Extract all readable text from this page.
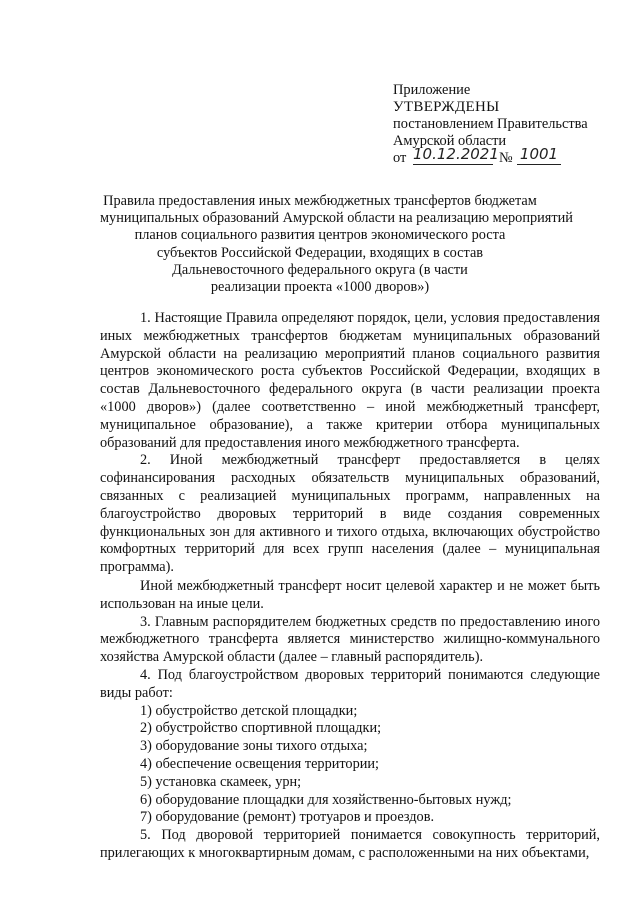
Приложение
УТВЕРЖДЕНЫ
постановлением Правительства
Амурской области
от 10.12.2021 № 1001
Правила предоставления иных межбюджетных трансфертов бюджетам
муниципальных образований Амурской области на реализацию мероприятий
планов социального развития центров экономического роста
субъектов Российской Федерации, входящих в состав
Дальневосточного федерального округа (в части
реализации проекта «1000 дворов»)

1. Настоящие Правила определяют порядок, цели, условия предоставления иных межбюджетных трансфертов бюджетам муниципальных образований Амурской области на реализацию мероприятий планов социального развития центров экономического роста субъектов Российской Федерации, входящих в состав Дальневосточного федерального округа (в части реализации проекта «1000 дворов») (далее соответственно – иной межбюджетный трансферт, муниципальное образование), а также критерии отбора муниципальных образований для предоставления иного межбюджетного трансферта.

2. Иной межбюджетный трансферт предоставляется в целях софинансирования расходных обязательств муниципальных образований, связанных с реализацией муниципальных программ, направленных на благоустройство дворовых территорий в виде создания современных функциональных зон для активного и тихого отдыха, включающих обустройство комфортных территорий для всех групп населения (далее – муниципальная программа).

Иной межбюджетный трансферт носит целевой характер и не может быть использован на иные цели.

3. Главным распорядителем бюджетных средств по предоставлению иного межбюджетного трансферта является министерство жилищно-коммунального хозяйства Амурской области (далее – главный распорядитель).

4. Под благоустройством дворовых территорий понимаются следующие виды работ:

1) обустройство детской площадки;

2) обустройство спортивной площадки;

3) оборудование зоны тихого отдыха;

4) обеспечение освещения территории;

5) установка скамеек, урн;

6) оборудование площадки для хозяйственно-бытовых нужд;

7) оборудование (ремонт) тротуаров и проездов.

5. Под дворовой территорией понимается совокупность территорий, прилегающих к многоквартирным домам, с расположенными на них объектами,
